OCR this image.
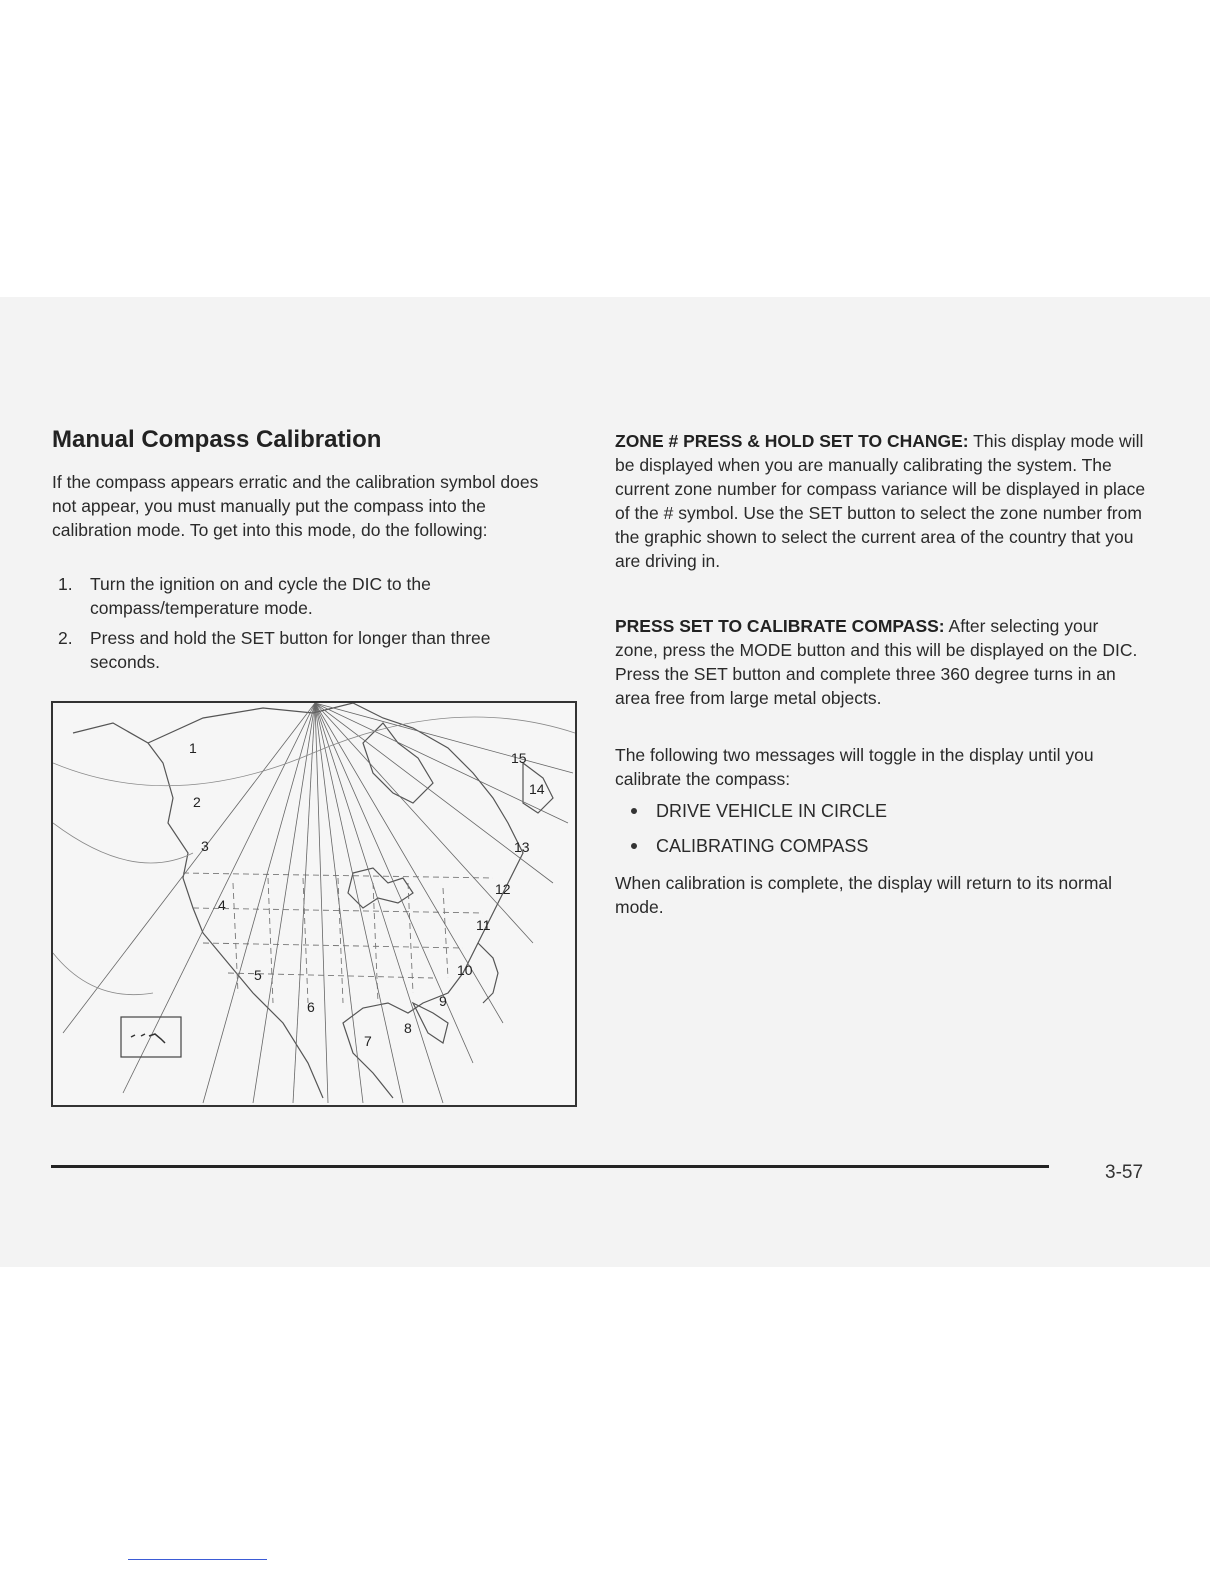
Manual Compass Calibration

If the compass appears erratic and the calibration symbol does not appear, you must manually put the compass into the calibration mode. To get into this mode, do the following:

1. Turn the ignition on and cycle the DIC to the compass/temperature mode.
2. Press and hold the SET button for longer than three seconds.
1
2
3
4
5
6
7
8
9
10
11
12
13
14
15

ZONE # PRESS & HOLD SET TO CHANGE: This display mode will be displayed when you are manually calibrating the system. The current zone number for compass variance will be displayed in place of the # symbol. Use the SET button to select the zone number from the graphic shown to select the current area of the country that you are driving in.

PRESS SET TO CALIBRATE COMPASS: After selecting your zone, press the MODE button and this will be displayed on the DIC. Press the SET button and complete three 360 degree turns in an area free from large metal objects.

The following two messages will toggle in the display until you calibrate the compass:

DRIVE VEHICLE IN CIRCLE
CALIBRATING COMPASS

When calibration is complete, the display will return to its normal mode.

3-57
